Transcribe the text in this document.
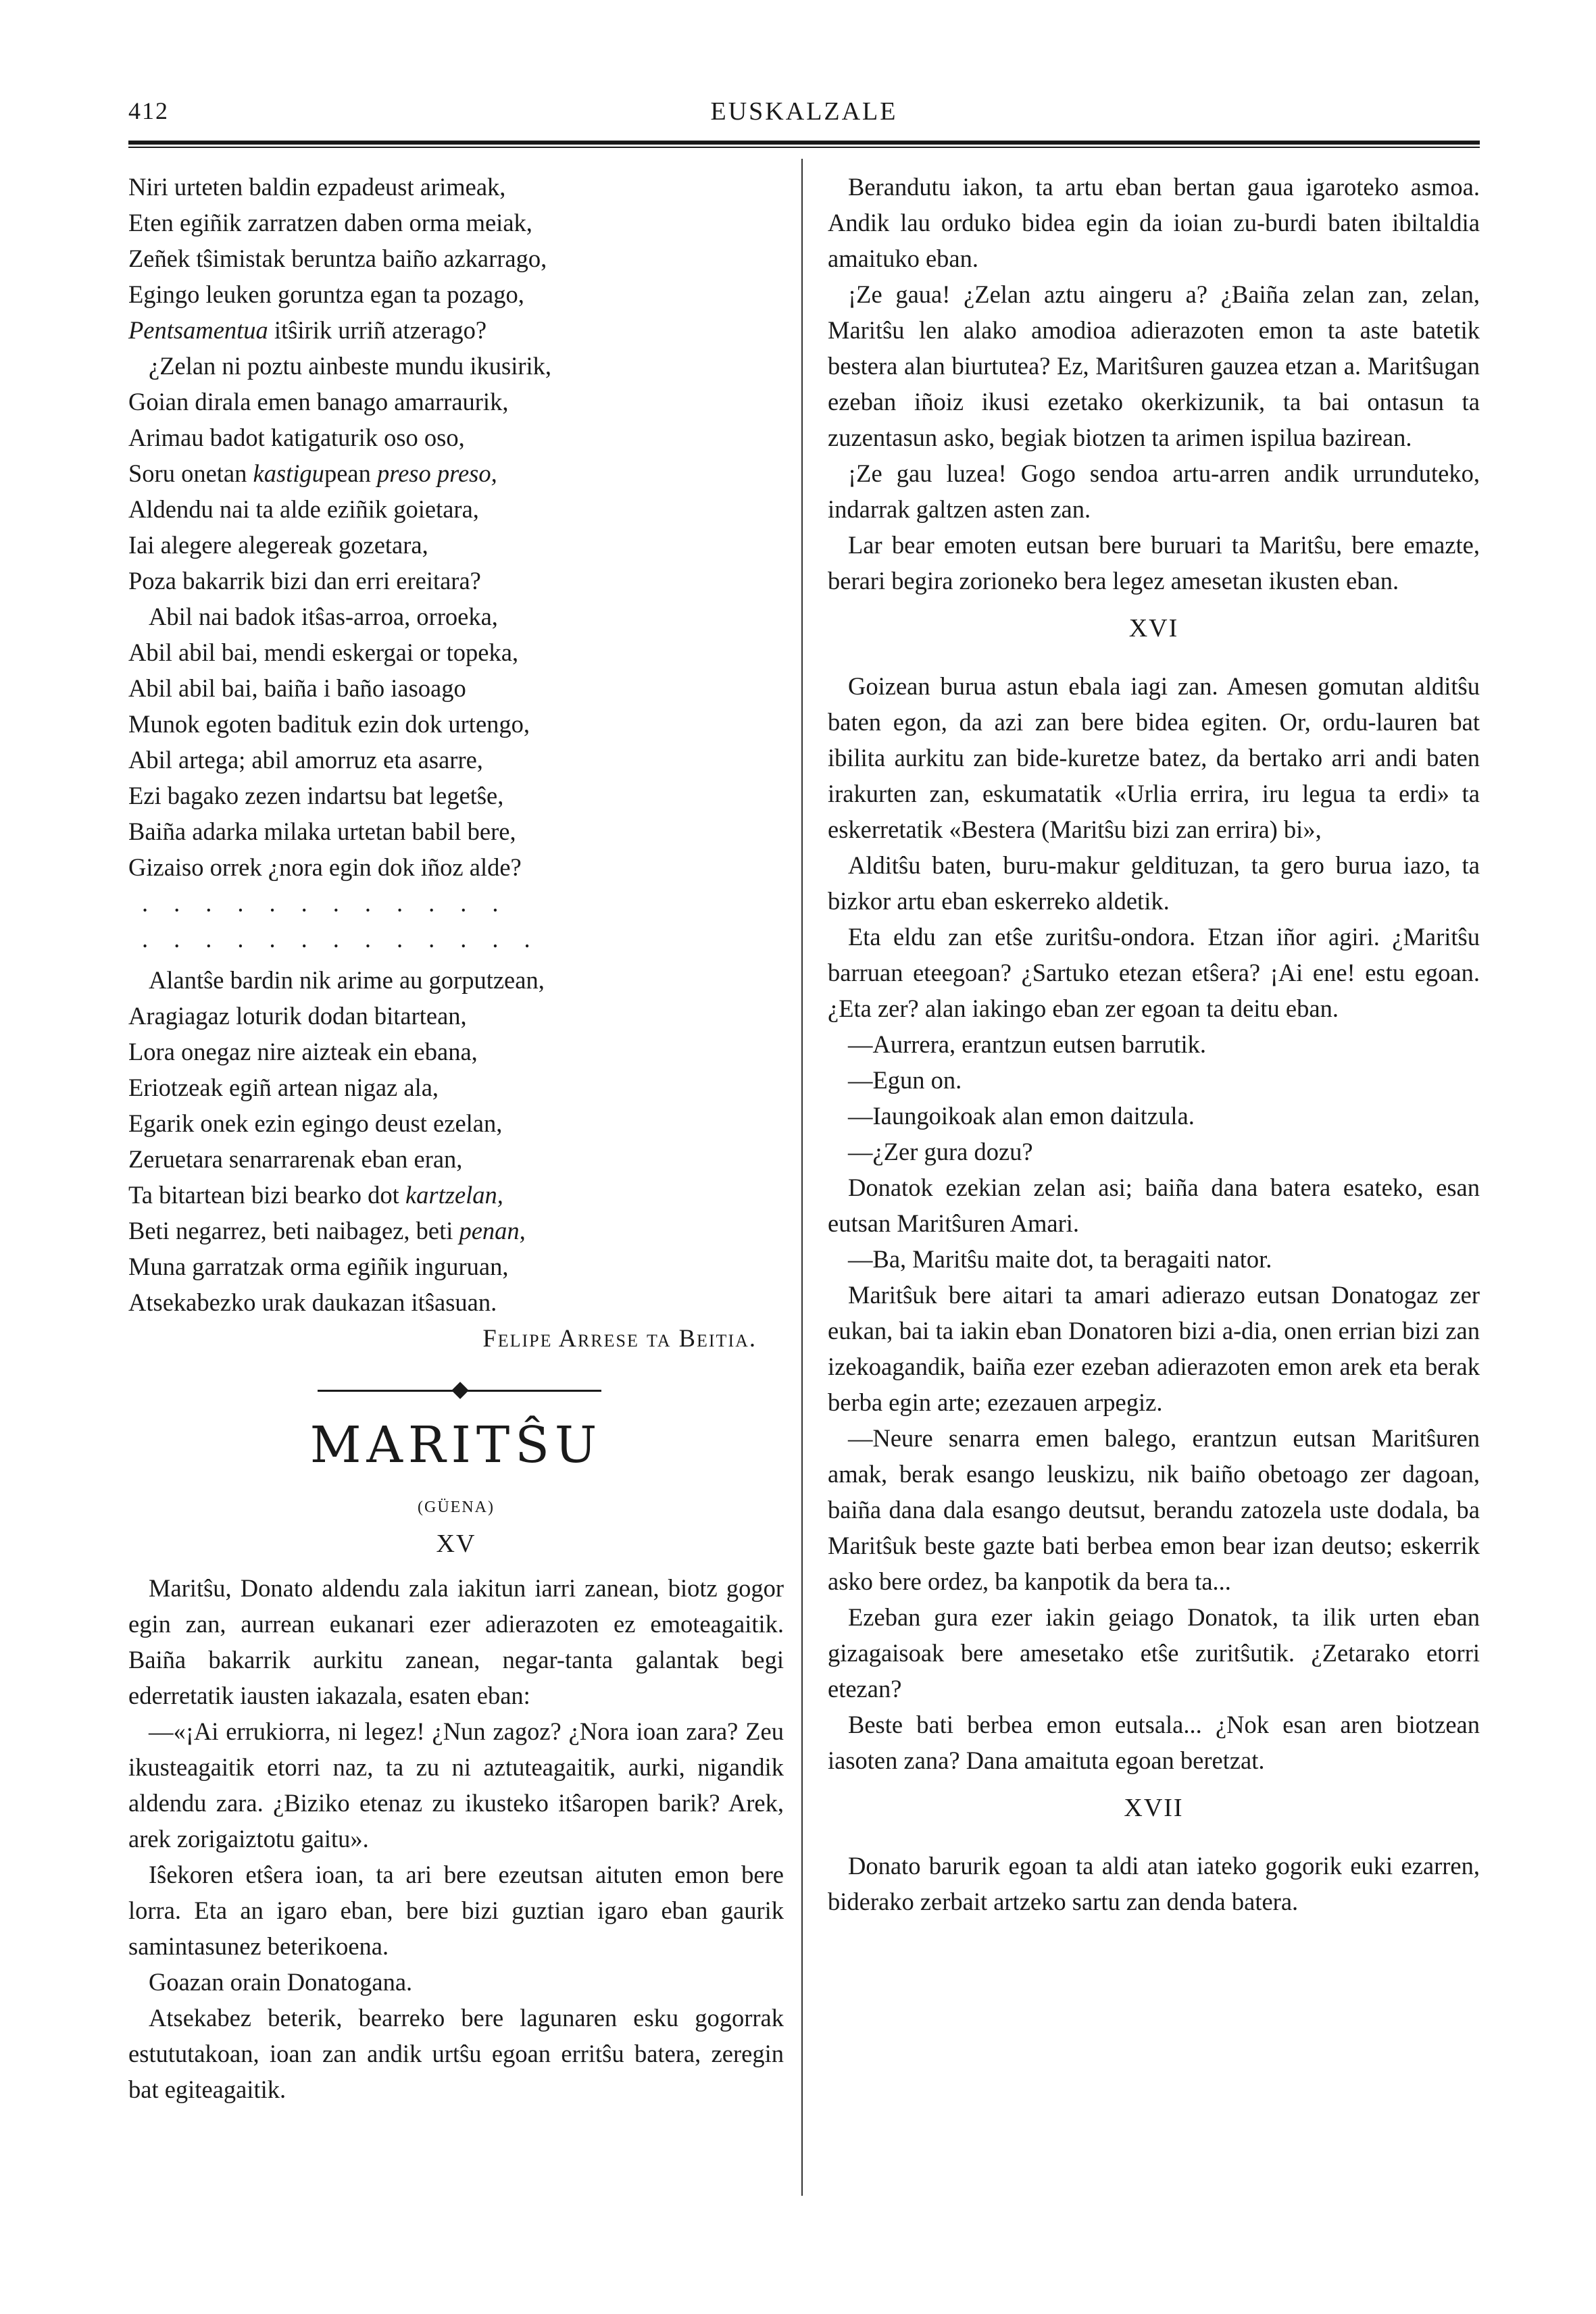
412	EUSKALZALE
Niri urteten baldin ezpadeust arimeak,
Eten egiñik zarratzen daben orma meiak,
Zeñek tŝimistak beruntza baiño azkarrago,
Egingo leuken goruntza egan ta pozago,
Pentsamentua itŝirik urriñ atzerago?
¿Zelan ni poztu ainbeste mundu ikusirik,
Goian dirala emen banago amarraurik,
Arimau badot katigaturik oso oso,
Soru onetan kastigupean preso preso,
Aldendu nai ta alde eziñik goietara,
Iai alegere alegereak gozetara,
Poza bakarrik bizi dan erri ereitara?
Abil nai badok itŝas-arroa, orroeka,
Abil abil bai, mendi eskergai or topeka,
Abil abil bai, baiña i baño iasoago
Munok egoten badituk ezin dok urtengo,
Abil artega; abil amorruz eta asarre,
Ezi bagako zezen indartsu bat legetŝe,
Baiña adarka milaka urtetan babil bere,
Gizaiso orrek ¿nora egin dok iñoz alde?
............
.............
Alantŝe bardin nik arime au gorputzean,
Aragiagaz loturik dodan bitartean,
Lora onegaz nire aizteak ein ebana,
Eriotzeak egiñ artean nigaz ala,
Egarik onek ezin egingo deust ezelan,
Zeruetara senarrarenak eban eran,
Ta bitartean bizi bearko dot kartzelan,
Beti negarrez, beti naibagez, beti penan,
Muna garratzak orma egiñik inguruan,
Atsekabezko urak daukazan itŝasuan.
Felipe Arrese ta Beitia.
MARITŜU
(GÜENA)
XV

Maritŝu, Donato aldendu zala iakitun iarri zanean, biotz gogor egin zan, aurrean eukanari ezer adierazoten ez emoteagaitik. Baiña bakarrik aurkitu zanean, negar-tanta galantak begi ederretatik iausten iakazala, esaten eban:

—«¡Ai errukiorra, ni legez! ¿Nun zagoz? ¿Nora ioan zara? Zeu ikusteagaitik etorri naz, ta zu ni aztuteagaitik, aurki, nigandik aldendu zara. ¿Biziko etenaz zu ikusteko itŝaropen barik? Arek, arek zorigaiztotu gaitu».

Iŝekoren etŝera ioan, ta ari bere ezeutsan aituten emon bere lorra. Eta an igaro eban, bere bizi guztian igaro eban gaurik samintasunez beterikoena.

Goazan orain Donatogana.

Atsekabez beterik, bearreko bere lagunaren esku gogorrak estututakoan, ioan zan andik urtŝu egoan erritŝu batera, zeregin bat egiteagaitik.

Berandutu iakon, ta artu eban bertan gaua igaroteko asmoa. Andik lau orduko bidea egin da ioian zu-burdi baten ibiltaldia amaituko eban.

¡Ze gaua! ¿Zelan aztu aingeru a? ¿Baiña zelan zan, zelan, Maritŝu len alako amodioa adierazoten emon ta aste batetik bestera alan biurtutea? Ez, Maritŝuren gauzea etzan a. Maritŝugan ezeban iñoiz ikusi ezetako okerkizunik, ta bai ontasun ta zuzentasun asko, begiak biotzen ta arimen ispilua bazirean.

¡Ze gau luzea! Gogo sendoa artu-arren andik urrunduteko, indarrak galtzen asten zan.

Lar bear emoten eutsan bere buruari ta Maritŝu, bere emazte, berari begira zorioneko bera legez amesetan ikusten eban.

XVI

Goizean burua astun ebala iagi zan. Amesen gomutan alditŝu baten egon, da azi zan bere bidea egiten. Or, ordu-lauren bat ibilita aurkitu zan bide-kuretze batez, da bertako arri andi baten irakurten zan, eskumatatik «Urlia errira, iru legua ta erdi» ta eskerretatik «Bestera (Maritŝu bizi zan errira) bi»,

Alditŝu baten, buru-makur geldituzan, ta gero burua iazo, ta bizkor artu eban eskerreko aldetik.

Eta eldu zan etŝe zuritŝu-ondora. Etzan iñor agiri. ¿Maritŝu barruan eteegoan? ¿Sartuko etezan etŝera? ¡Ai ene! estu egoan. ¿Eta zer? alan iakingo eban zer egoan ta deitu eban.

—Aurrera, erantzun eutsen barrutik.

—Egun on.

—Iaungoikoak alan emon daitzula.

—¿Zer gura dozu?

Donatok ezekian zelan asi; baiña dana batera esateko, esan eutsan Maritŝuren Amari.

—Ba, Maritŝu maite dot, ta beragaiti nator.

Maritŝuk bere aitari ta amari adierazo eutsan Donatogaz zer eukan, bai ta iakin eban Donatoren bizi a-dia, onen errian bizi zan izekoagandik, baiña ezer ezeban adierazoten emon arek eta berak berba egin arte; ezezauen arpegiz.

—Neure senarra emen balego, erantzun eutsan Maritŝuren amak, berak esango leuskizu, nik baiño obetoago zer dagoan, baiña dana dala esango deutsut, berandu zatozela uste dodala, ba Maritŝuk beste gazte bati berbea emon bear izan deutso; eskerrik asko bere ordez, ba kanpotik da bera ta...

Ezeban gura ezer iakin geiago Donatok, ta ilik urten eban gizagaisoak bere amesetako etŝe zuritŝutik. ¿Zetarako etorri etezan?

Beste bati berbea emon eutsala... ¿Nok esan aren biotzean iasoten zana? Dana amaituta egoan beretzat.

XVII

Donato barurik egoan ta aldi atan iateko gogorik euki ezarren, biderako zerbait artzeko sartu zan denda batera.
